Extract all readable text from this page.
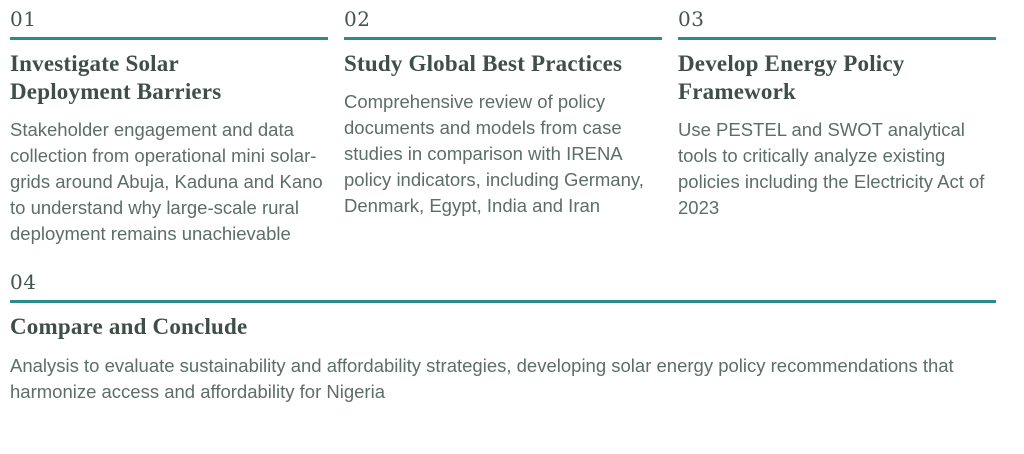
01
Investigate Solar
Deployment Barriers

Stakeholder engagement and data collection from operational mini solar-grids around Abuja, Kaduna and Kano to understand why large-scale rural deployment remains unachievable

02
Study Global Best Practices

Comprehensive review of policy documents and models from case studies in comparison with IRENA policy indicators, including Germany, Denmark, Egypt, India and Iran

03
Develop Energy Policy
Framework

Use PESTEL and SWOT analytical tools to critically analyze existing policies including the Electricity Act of 2023

04
Compare and Conclude

Analysis to evaluate sustainability and affordability strategies, developing solar energy policy recommendations that harmonize access and affordability for Nigeria
